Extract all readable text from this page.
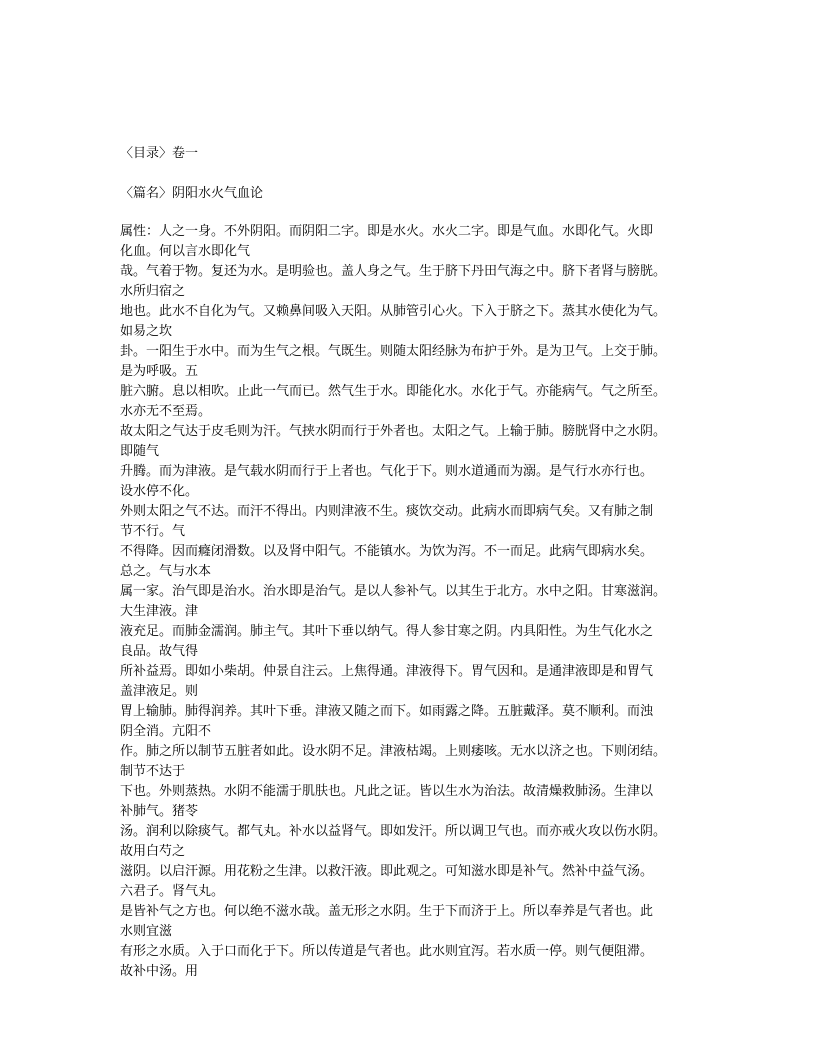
〈目录〉卷一

〈篇名〉阴阳水火气血论

属性：人之一身。不外阴阳。而阴阳二字。即是水火。水火二字。即是气血。水即化气。火即

化血。何以言水即化气

哉。气着于物。复还为水。是明验也。盖人身之气。生于脐下丹田气海之中。脐下者肾与膀胱。

水所归宿之

地也。此水不自化为气。又赖鼻间吸入天阳。从肺管引心火。下入于脐之下。蒸其水使化为气。

如易之坎

卦。一阳生于水中。而为生气之根。气既生。则随太阳经脉为布护于外。是为卫气。上交于肺。

是为呼吸。五

脏六腑。息以相吹。止此一气而已。然气生于水。即能化水。水化于气。亦能病气。气之所至。

水亦无不至焉。

故太阳之气达于皮毛则为汗。气挟水阴而行于外者也。太阳之气。上输于肺。膀胱肾中之水阴。

即随气

升腾。而为津液。是气载水阴而行于上者也。气化于下。则水道通而为溺。是气行水亦行也。

设水停不化。

外则太阳之气不达。而汗不得出。内则津液不生。痰饮交动。此病水而即病气矣。又有肺之制

节不行。气

不得降。因而癃闭滑数。以及肾中阳气。不能镇水。为饮为泻。不一而足。此病气即病水矣。

总之。气与水本

属一家。治气即是治水。治水即是治气。是以人参补气。以其生于北方。水中之阳。甘寒滋润。

大生津液。津

液充足。而肺金濡润。肺主气。其叶下垂以纳气。得人参甘寒之阴。内具阳性。为生气化水之

良品。故气得

所补益焉。即如小柴胡。仲景自注云。上焦得通。津液得下。胃气因和。是通津液即是和胃气

盖津液足。则

胃上输肺。肺得润养。其叶下垂。津液又随之而下。如雨露之降。五脏戴泽。莫不顺利。而浊

阴全消。亢阳不

作。肺之所以制节五脏者如此。设水阴不足。津液枯竭。上则痿咳。无水以济之也。下则闭结。

制节不达于

下也。外则蒸热。水阴不能濡于肌肤也。凡此之证。皆以生水为治法。故清燥救肺汤。生津以

补肺气。猪苓

汤。润利以除痰气。都气丸。补水以益肾气。即如发汗。所以调卫气也。而亦戒火攻以伤水阴。

故用白芍之

滋阴。以启汗源。用花粉之生津。以救汗液。即此观之。可知滋水即是补气。然补中益气汤。

六君子。肾气丸。

是皆补气之方也。何以绝不滋水哉。盖无形之水阴。生于下而济于上。所以奉养是气者也。此

水则宜滋

有形之水质。入于口而化于下。所以传道是气者也。此水则宜泻。若水质一停。则气便阻滞。

故补中汤。用
